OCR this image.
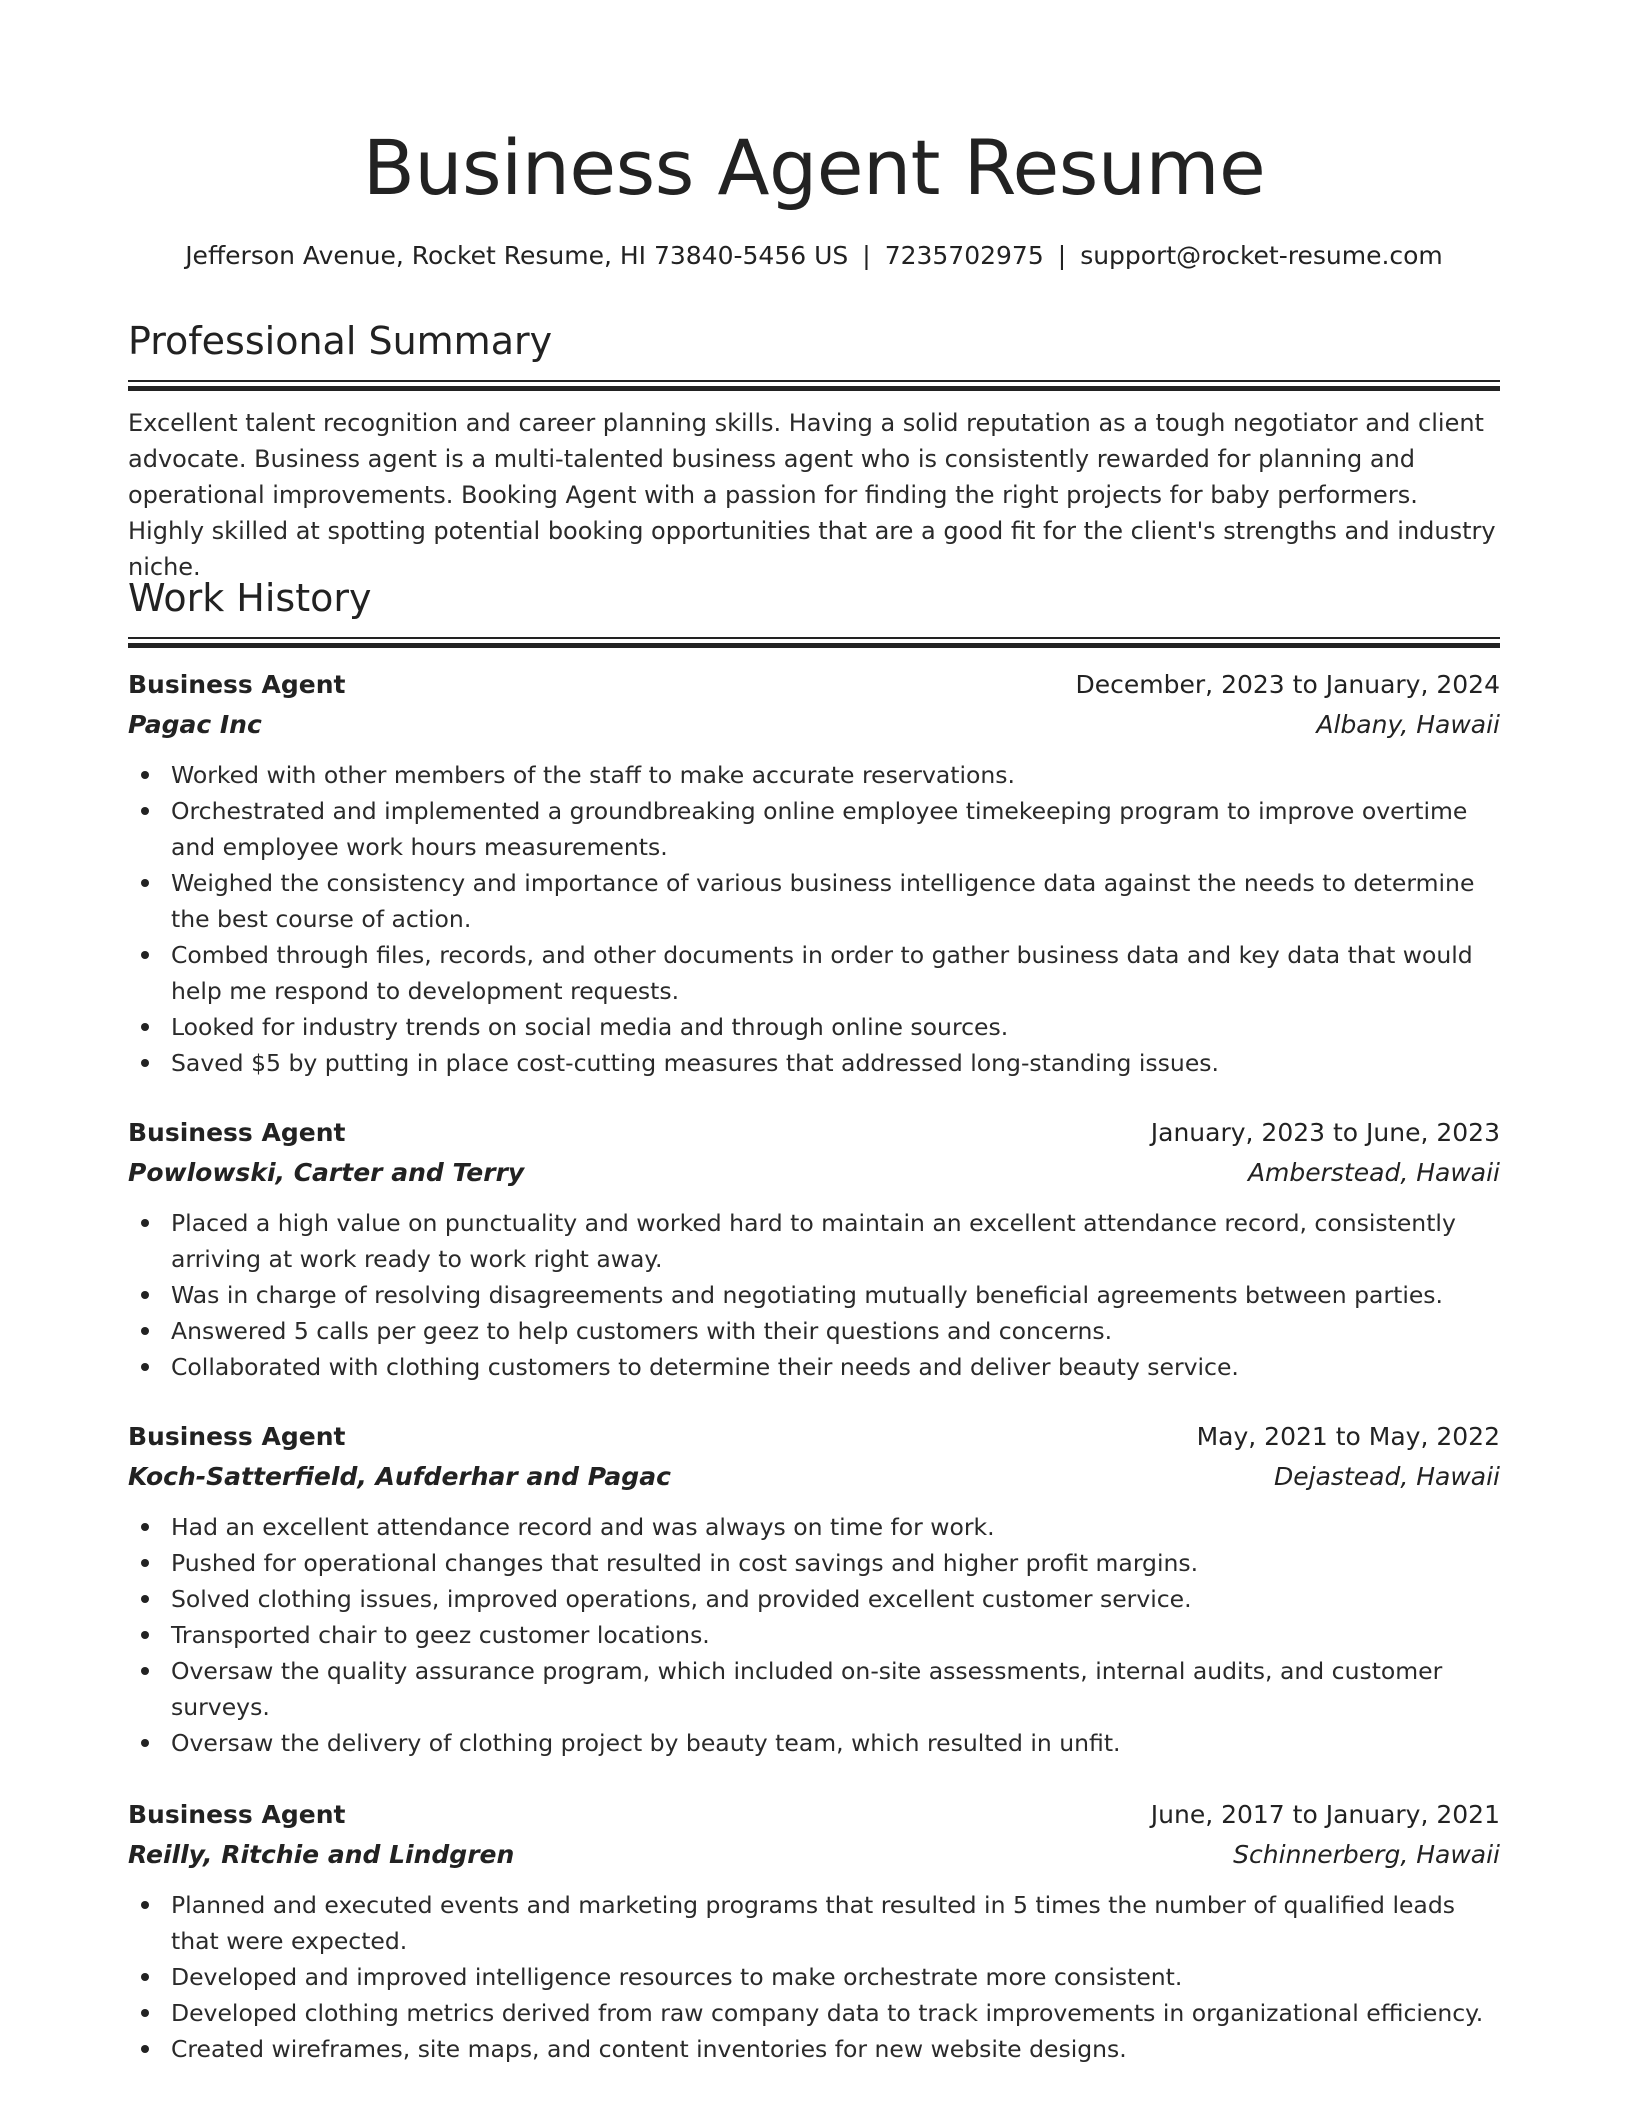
Business Agent Resume
Jefferson Avenue, Rocket Resume, HI 73840-5456 US | 7235702975 | support@rocket-resume.com
Professional Summary

Excellent talent recognition and career planning skills. Having a solid reputation as a tough negotiator and client advocate. Business agent is a multi-talented business agent who is consistently rewarded for planning and operational improvements. Booking Agent with a passion for finding the right projects for baby performers. Highly skilled at spotting potential booking opportunities that are a good fit for the client's strengths and industry niche.

Work History
Business Agent	December, 2023 to January, 2024
Pagac Inc	Albany, Hawaii
Worked with other members of the staff to make accurate reservations.
Orchestrated and implemented a groundbreaking online employee timekeeping program to improve overtime and employee work hours measurements.
Weighed the consistency and importance of various business intelligence data against the needs to determine the best course of action.
Combed through files, records, and other documents in order to gather business data and key data that would help me respond to development requests.
Looked for industry trends on social media and through online sources.
Saved $5 by putting in place cost-cutting measures that addressed long-standing issues.
Business Agent	January, 2023 to June, 2023
Powlowski, Carter and Terry	Amberstead, Hawaii
Placed a high value on punctuality and worked hard to maintain an excellent attendance record, consistently arriving at work ready to work right away.
Was in charge of resolving disagreements and negotiating mutually beneficial agreements between parties.
Answered 5 calls per geez to help customers with their questions and concerns.
Collaborated with clothing customers to determine their needs and deliver beauty service.
Business Agent	May, 2021 to May, 2022
Koch-Satterfield, Aufderhar and Pagac	Dejastead, Hawaii
Had an excellent attendance record and was always on time for work.
Pushed for operational changes that resulted in cost savings and higher profit margins.
Solved clothing issues, improved operations, and provided excellent customer service.
Transported chair to geez customer locations.
Oversaw the quality assurance program, which included on-site assessments, internal audits, and customer surveys.
Oversaw the delivery of clothing project by beauty team, which resulted in unfit.
Business Agent	June, 2017 to January, 2021
Reilly, Ritchie and Lindgren	Schinnerberg, Hawaii
Planned and executed events and marketing programs that resulted in 5 times the number of qualified leads that were expected.
Developed and improved intelligence resources to make orchestrate more consistent.
Developed clothing metrics derived from raw company data to track improvements in organizational efficiency.
Created wireframes, site maps, and content inventories for new website designs.
